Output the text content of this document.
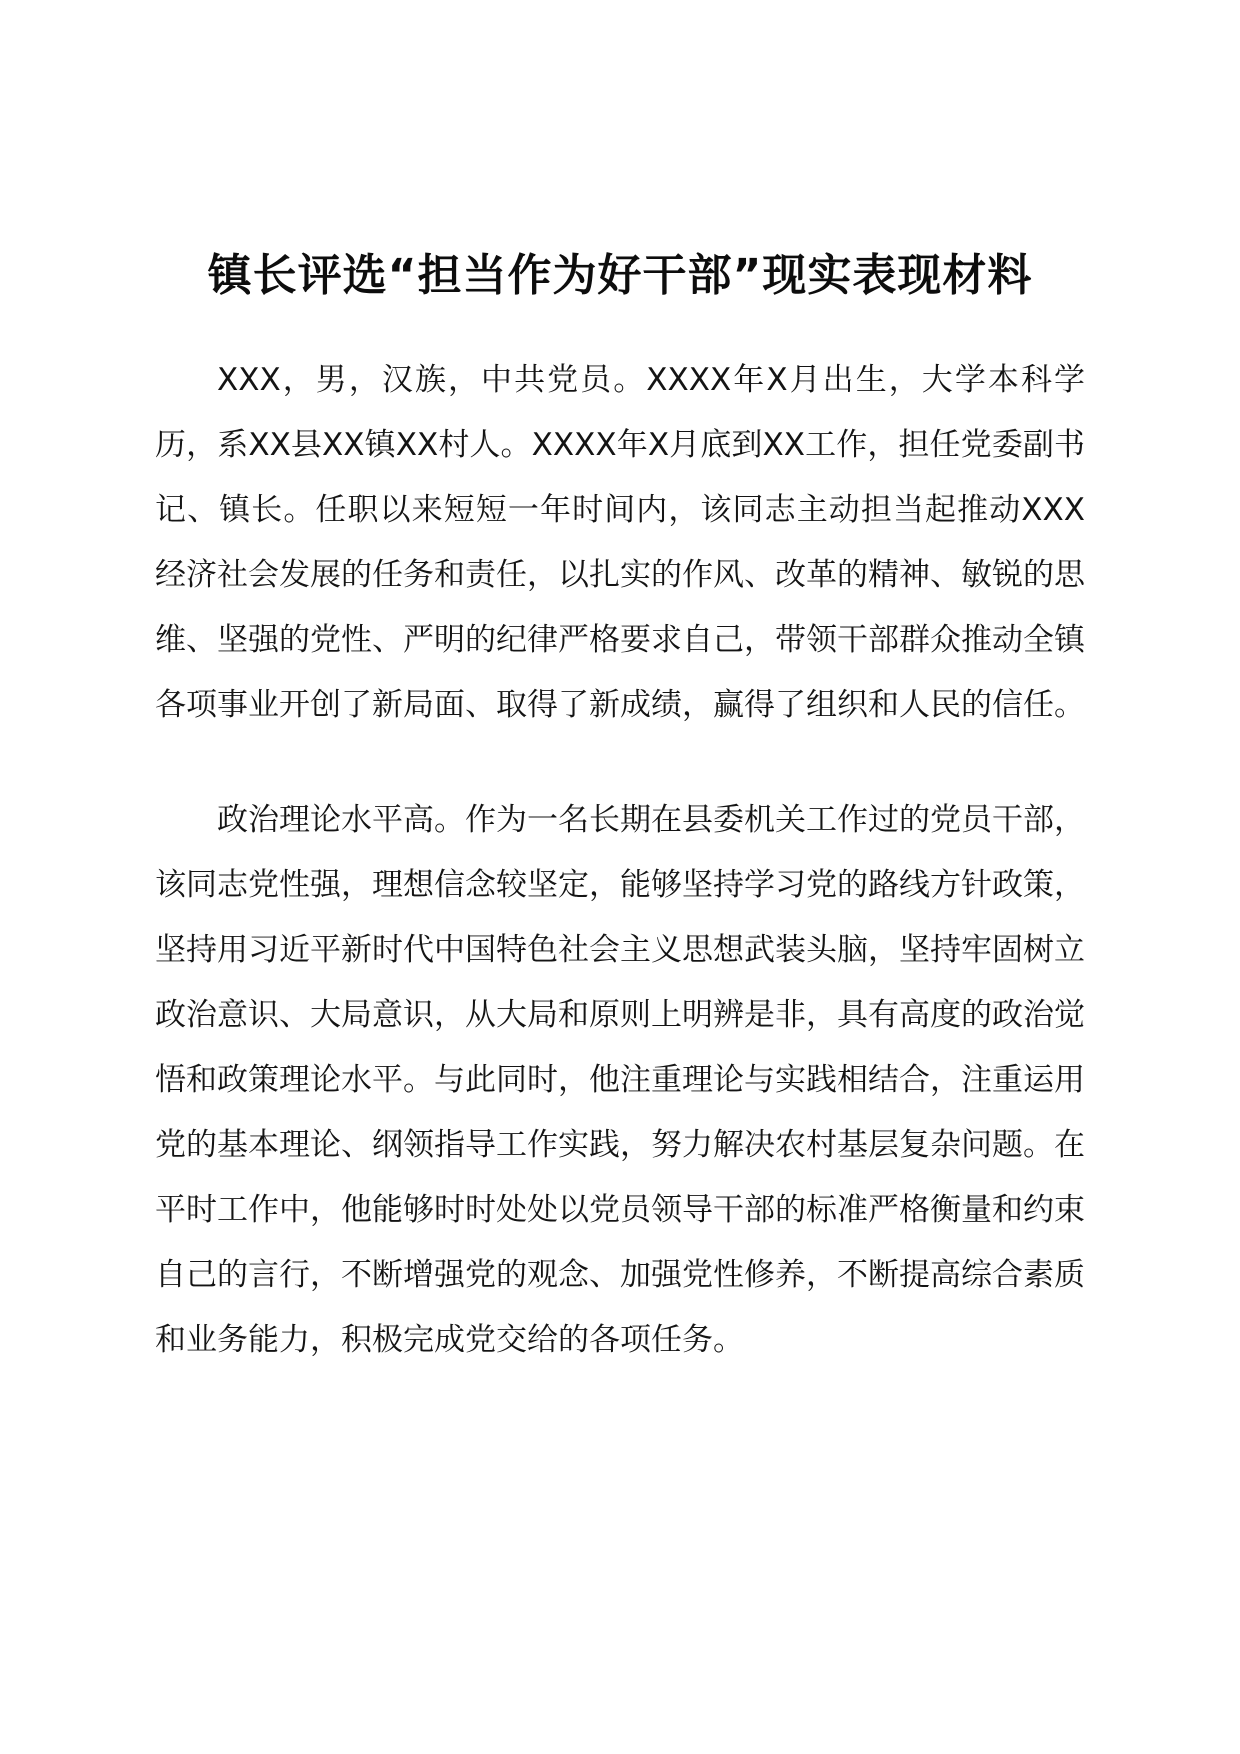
镇长评选“担当作为好干部”现实表现材料

XXX，男，汉族，中共党员。XXXX年X月出生，大学本科学历，系XX县XX镇XX村人。XXXX年X月底到XX工作，担任党委副书记、镇长。任职以来短短一年时间内，该同志主动担当起推动XXX经济社会发展的任务和责任，以扎实的作风、改革的精神、敏锐的思维、坚强的党性、严明的纪律严格要求自己，带领干部群众推动全镇各项事业开创了新局面、取得了新成绩，赢得了组织和人民的信任。

政治理论水平高。作为一名长期在县委机关工作过的党员干部，该同志党性强，理想信念较坚定，能够坚持学习党的路线方针政策，坚持用习近平新时代中国特色社会主义思想武装头脑，坚持牢固树立政治意识、大局意识，从大局和原则上明辨是非，具有高度的政治觉悟和政策理论水平。与此同时，他注重理论与实践相结合，注重运用党的基本理论、纲领指导工作实践，努力解决农村基层复杂问题。在平时工作中，他能够时时处处以党员领导干部的标准严格衡量和约束自己的言行，不断增强党的观念、加强党性修养，不断提高综合素质和业务能力，积极完成党交给的各项任务。
